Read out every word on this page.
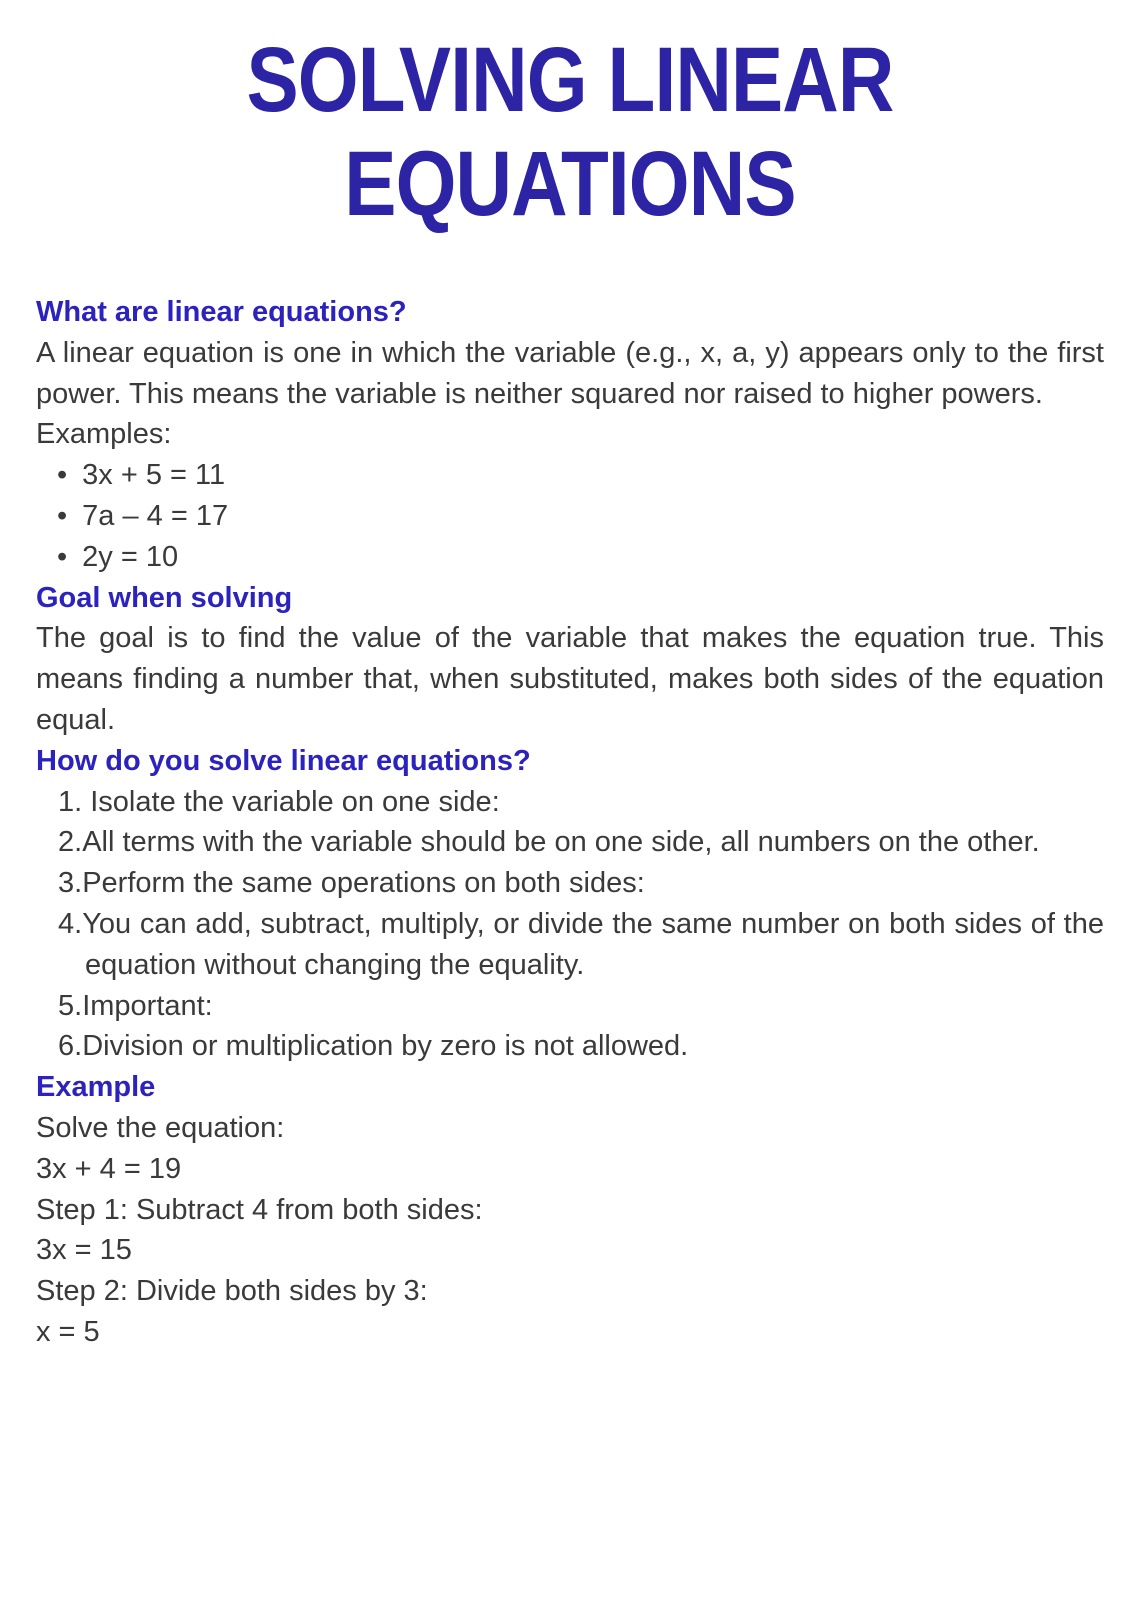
SOLVING LINEAR
EQUATIONS
What are linear equations?
A linear equation is one in which the variable (e.g., x, a, y) appears only to the first power. This means the variable is neither squared nor raised to higher powers.
Examples:
• 3x + 5 = 11
• 7a – 4 = 17
• 2y = 10
Goal when solving
The goal is to find the value of the variable that makes the equation true. This means finding a number that, when substituted, makes both sides of the equation equal.
How do you solve linear equations?
1. Isolate the variable on one side:
2.All terms with the variable should be on one side, all numbers on the other.
3.Perform the same operations on both sides:
4.You can add, subtract, multiply, or divide the same number on both sides of the equation without changing the equality.
5.Important:
6.Division or multiplication by zero is not allowed.
Example
Solve the equation:
3x + 4 = 19
Step 1: Subtract 4 from both sides:
3x = 15
Step 2: Divide both sides by 3:
x = 5
